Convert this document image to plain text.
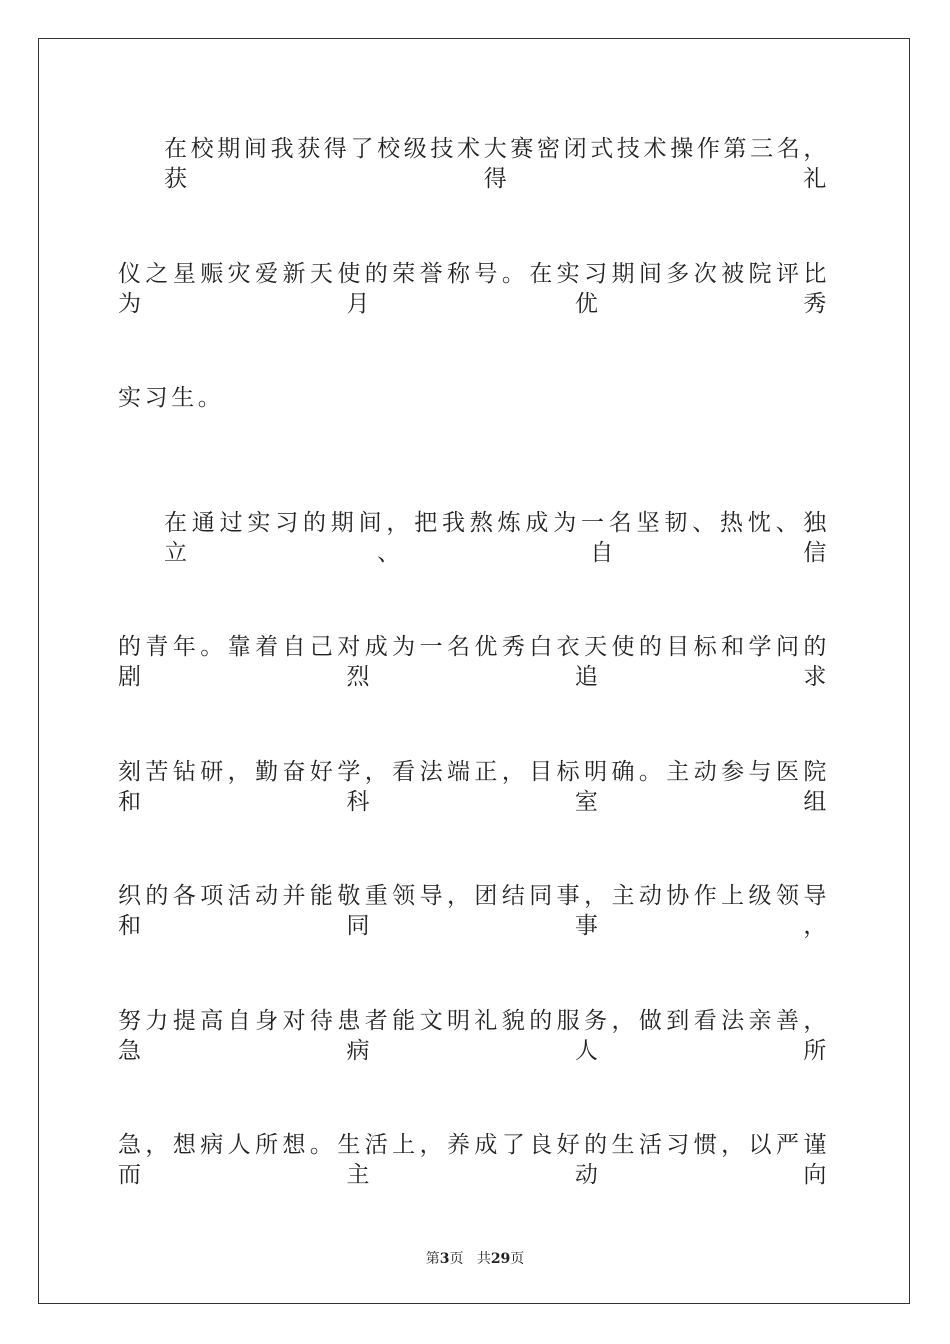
在校期间我获得了校级技术大赛密闭式技术操作第三名，获得礼
仪之星赈灾爱新天使的荣誉称号。在实习期间多次被院评比为月优秀
实习生。
在通过实习的期间，把我熬炼成为一名坚韧、热忱、独立、自信
的青年。靠着自己对成为一名优秀白衣天使的目标和学问的剧烈追求
刻苦钻研，勤奋好学，看法端正，目标明确。主动参与医院和科室组
织的各项活动并能敬重领导，团结同事，主动协作上级领导和同事，
努力提高自身对待患者能文明礼貌的服务，做到看法亲善，急病人所
急，想病人所想。生活上，养成了良好的生活习惯，以严谨而主动向
第3页 共29页
